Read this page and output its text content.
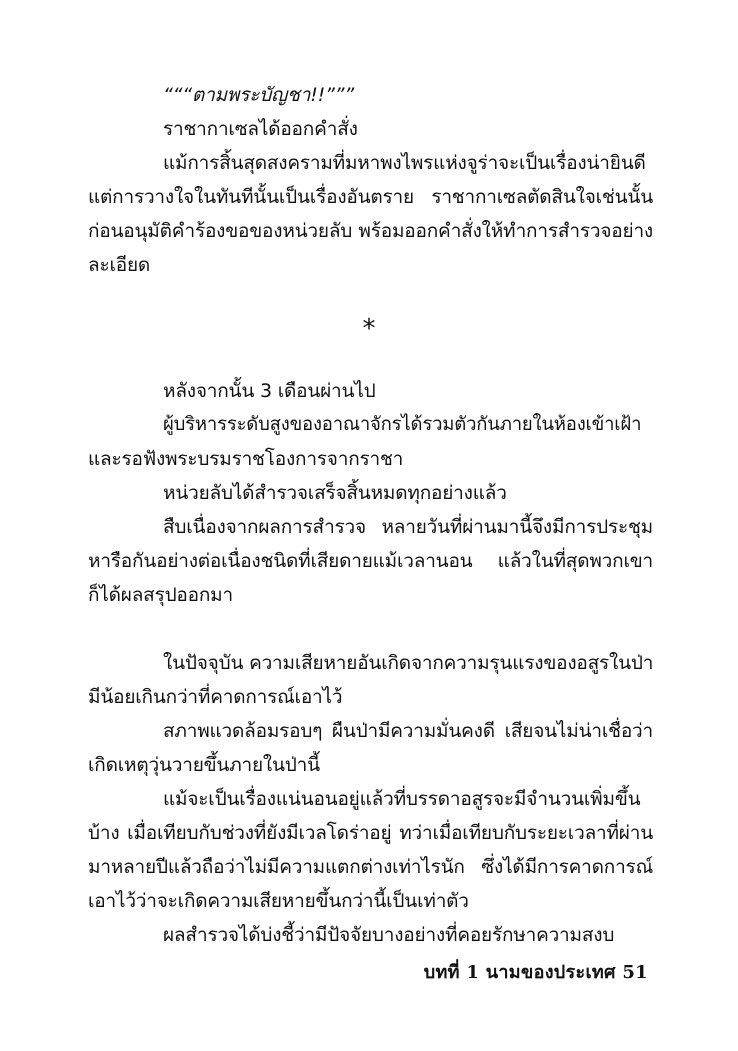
“““ตามพระบัญชา!!”””
ราชากาเซลได้ออกคำสั่ง
แม้การสิ้นสุดสงครามที่มหาพงไพรแห่งจูร่าจะเป็นเรื่องน่ายินดี
แต่การวางใจในทันทีนั้นเป็นเรื่องอันตราย ราชากาเซลตัดสินใจเช่นนั้น
ก่อนอนุมัติคำร้องขอของหน่วยลับ พร้อมออกคำสั่งให้ทำการสำรวจอย่าง
ละเอียด
*
หลังจากนั้น 3 เดือนผ่านไป
ผู้บริหารระดับสูงของอาณาจักรได้รวมตัวกันภายในห้องเข้าเฝ้า
และรอฟังพระบรมราชโองการจากราชา
หน่วยลับได้สำรวจเสร็จสิ้นหมดทุกอย่างแล้ว
สืบเนื่องจากผลการสำรวจ หลายวันที่ผ่านมานี้จึงมีการประชุม
หารือกันอย่างต่อเนื่องชนิดที่เสียดายแม้เวลานอน แล้วในที่สุดพวกเขา
ก็ได้ผลสรุปออกมา
ในปัจจุบัน ความเสียหายอันเกิดจากความรุนแรงของอสูรในป่า
มีน้อยเกินกว่าที่คาดการณ์เอาไว้
สภาพแวดล้อมรอบๆ ผืนป่ามีความมั่นคงดี เสียจนไม่น่าเชื่อว่า
เกิดเหตุวุ่นวายขึ้นภายในป่านี้
แม้จะเป็นเรื่องแน่นอนอยู่แล้วที่บรรดาอสูรจะมีจำนวนเพิ่มขึ้น
บ้าง เมื่อเทียบกับช่วงที่ยังมีเวลโดร่าอยู่ ทว่าเมื่อเทียบกับระยะเวลาที่ผ่าน
มาหลายปีแล้วถือว่าไม่มีความแตกต่างเท่าไรนัก ซึ่งได้มีการคาดการณ์
เอาไว้ว่าจะเกิดความเสียหายขึ้นกว่านี้เป็นเท่าตัว
ผลสำรวจได้บ่งชี้ว่ามีปัจจัยบางอย่างที่คอยรักษาความสงบ
บทที่ 1 นามของประเทศ 51
